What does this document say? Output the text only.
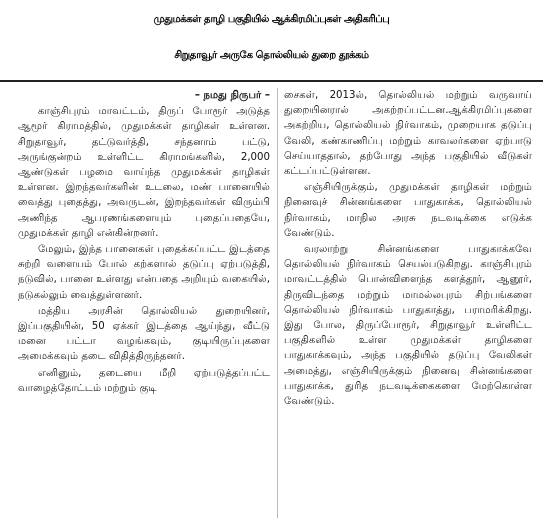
முதுமக்கள் தாழி பகுதியில் ஆக்கிரமிப்புகள் அதிகரிப்பு
சிறுதாவூர் அருகே தொல்லியல் துறை தூக்கம்

– நமது நிருபர் –

காஞ்சிபுரம் மாவட்டம், திருப் போரூர் அடுத்த ஆமூர் கிராமத்தில், முதுமக்கள் தாழிகள் உள்ளன. சிறுதாவூர், தட்டுவர்த்தி, சந்தனாம் பட்டு, அருங்குன்றம் உள்ளிட்ட கிராமங்களில், 2,000 ஆண்டுகள் பழமை வாய்ந்த முதுமக்கள் தாழிகள் உள்ளன. இறந்தவர்களின் உடலை, மண் பானையில் வைத்து புதைத்து, அவருடன், இறந்தவர்கள் விரும்பி அணிந்த ஆபரணங்களையும் புதைப்பதையே, முதுமக்கள் தாழி என்கின்றனர்.

மேலும், இந்த பானைகள் புதைக்கப்பட்ட இடத்தை சுற்றி வளையம் போல் கற்களால் தடுப்பு ஏற்படுத்தி, நடுவில், பானை உள்ளது என்பதை அறியும் வகையில், நடுகல்லும் வைத்துள்ளனர்.

மத்திய அரசின் தொல்லியல் துறையினர், இப்பகுதியின், 50 ஏக்கர் இடத்தை ஆய்ந்து, வீட்டு மனை பட்டா வழங்கவும், குடியிருப்புகளை அமைக்கவும் தடை விதித்திருந்தனர்.

எனினும், தடையை மீறி ஏற்படுத்தப்பட்ட வாழைத்தோட்டம் மற்றும் குடி

சைகள், 2013ல், தொல்லியல் மற்றும் வருவாய் துறையினரால் அகற்றப்பட்டன.ஆக்கிரமிப்புகளை அகற்றிய, தொல்லியல் நிர்வாகம், முறையாக தடுப்பு வேலி, கண்காணிப்பு மற்றும் காவலர்களை ஏற்பாடு செய்யாததால், தற்போது அந்த பகுதியில் வீடுகள் கட்டப்பட்டுள்ளன.

எஞ்சியிருக்கும், முதுமக்கள் தாழிகள் மற்றும் நினைவுச் சின்னங்களை பாதுகாக்க, தொல்லியல் நிர்வாகம், மாநில அரசு நடவடிக்கை எடுக்க வேண்டும்.

வரலாற்று சின்னங்களை பாதுகாக்கவே தொல்லியல் நிர்வாகம் செயல்படுகிறது. காஞ்சிபுரம் மாவட்டத்தில் பொன்விளைந்த களத்தூர், ஆனூர், திருவிடந்தை மற்றும் மாமல்லபுரம் சிற்பங்களை தொல்லியல் நிர்வாகம் பாதுகாத்து, பராமரிக்கிறது. இது போல, திருப்போரூர், சிறுதாவூர் உள்ளிட்ட பகுதிகளில் உள்ள முதுமக்கள் தாழிகளை பாதுகாக்கவும், அந்த பகுதியில் தடுப்பு வேலிகள் அமைத்து, எஞ்சியிருக்கும் நினைவு சின்னங்களை பாதுகாக்க, துரித நடவடிக்கைகளை மேற்கொள்ள வேண்டும்.
